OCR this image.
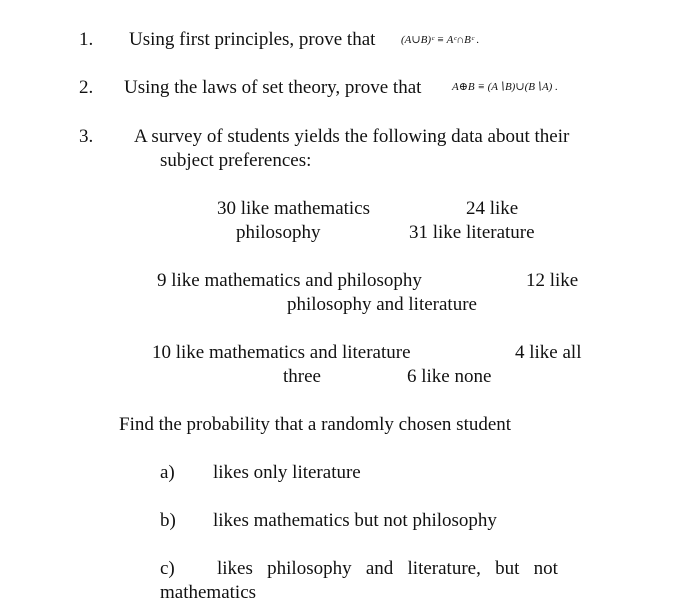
1. Using first principles, prove that (A∪B)ᶜ ≡ Aᶜ∩Bᶜ .
2. Using the laws of set theory, prove that	A⊕B ≡ (A∖B)∪(B∖A) .
3. A survey of students yields the following data about their
subject preferences:
30 like mathematics	24 like
philosophy	31 like literature
9 like mathematics and philosophy	12 like
philosophy and literature
10 like mathematics and literature	4 like all
three	6 like none
Find the probability that a randomly chosen student
a) likes only literature
b) likes mathematics but not philosophy
c) likes   philosophy   and   literature,   but   not
mathematics
